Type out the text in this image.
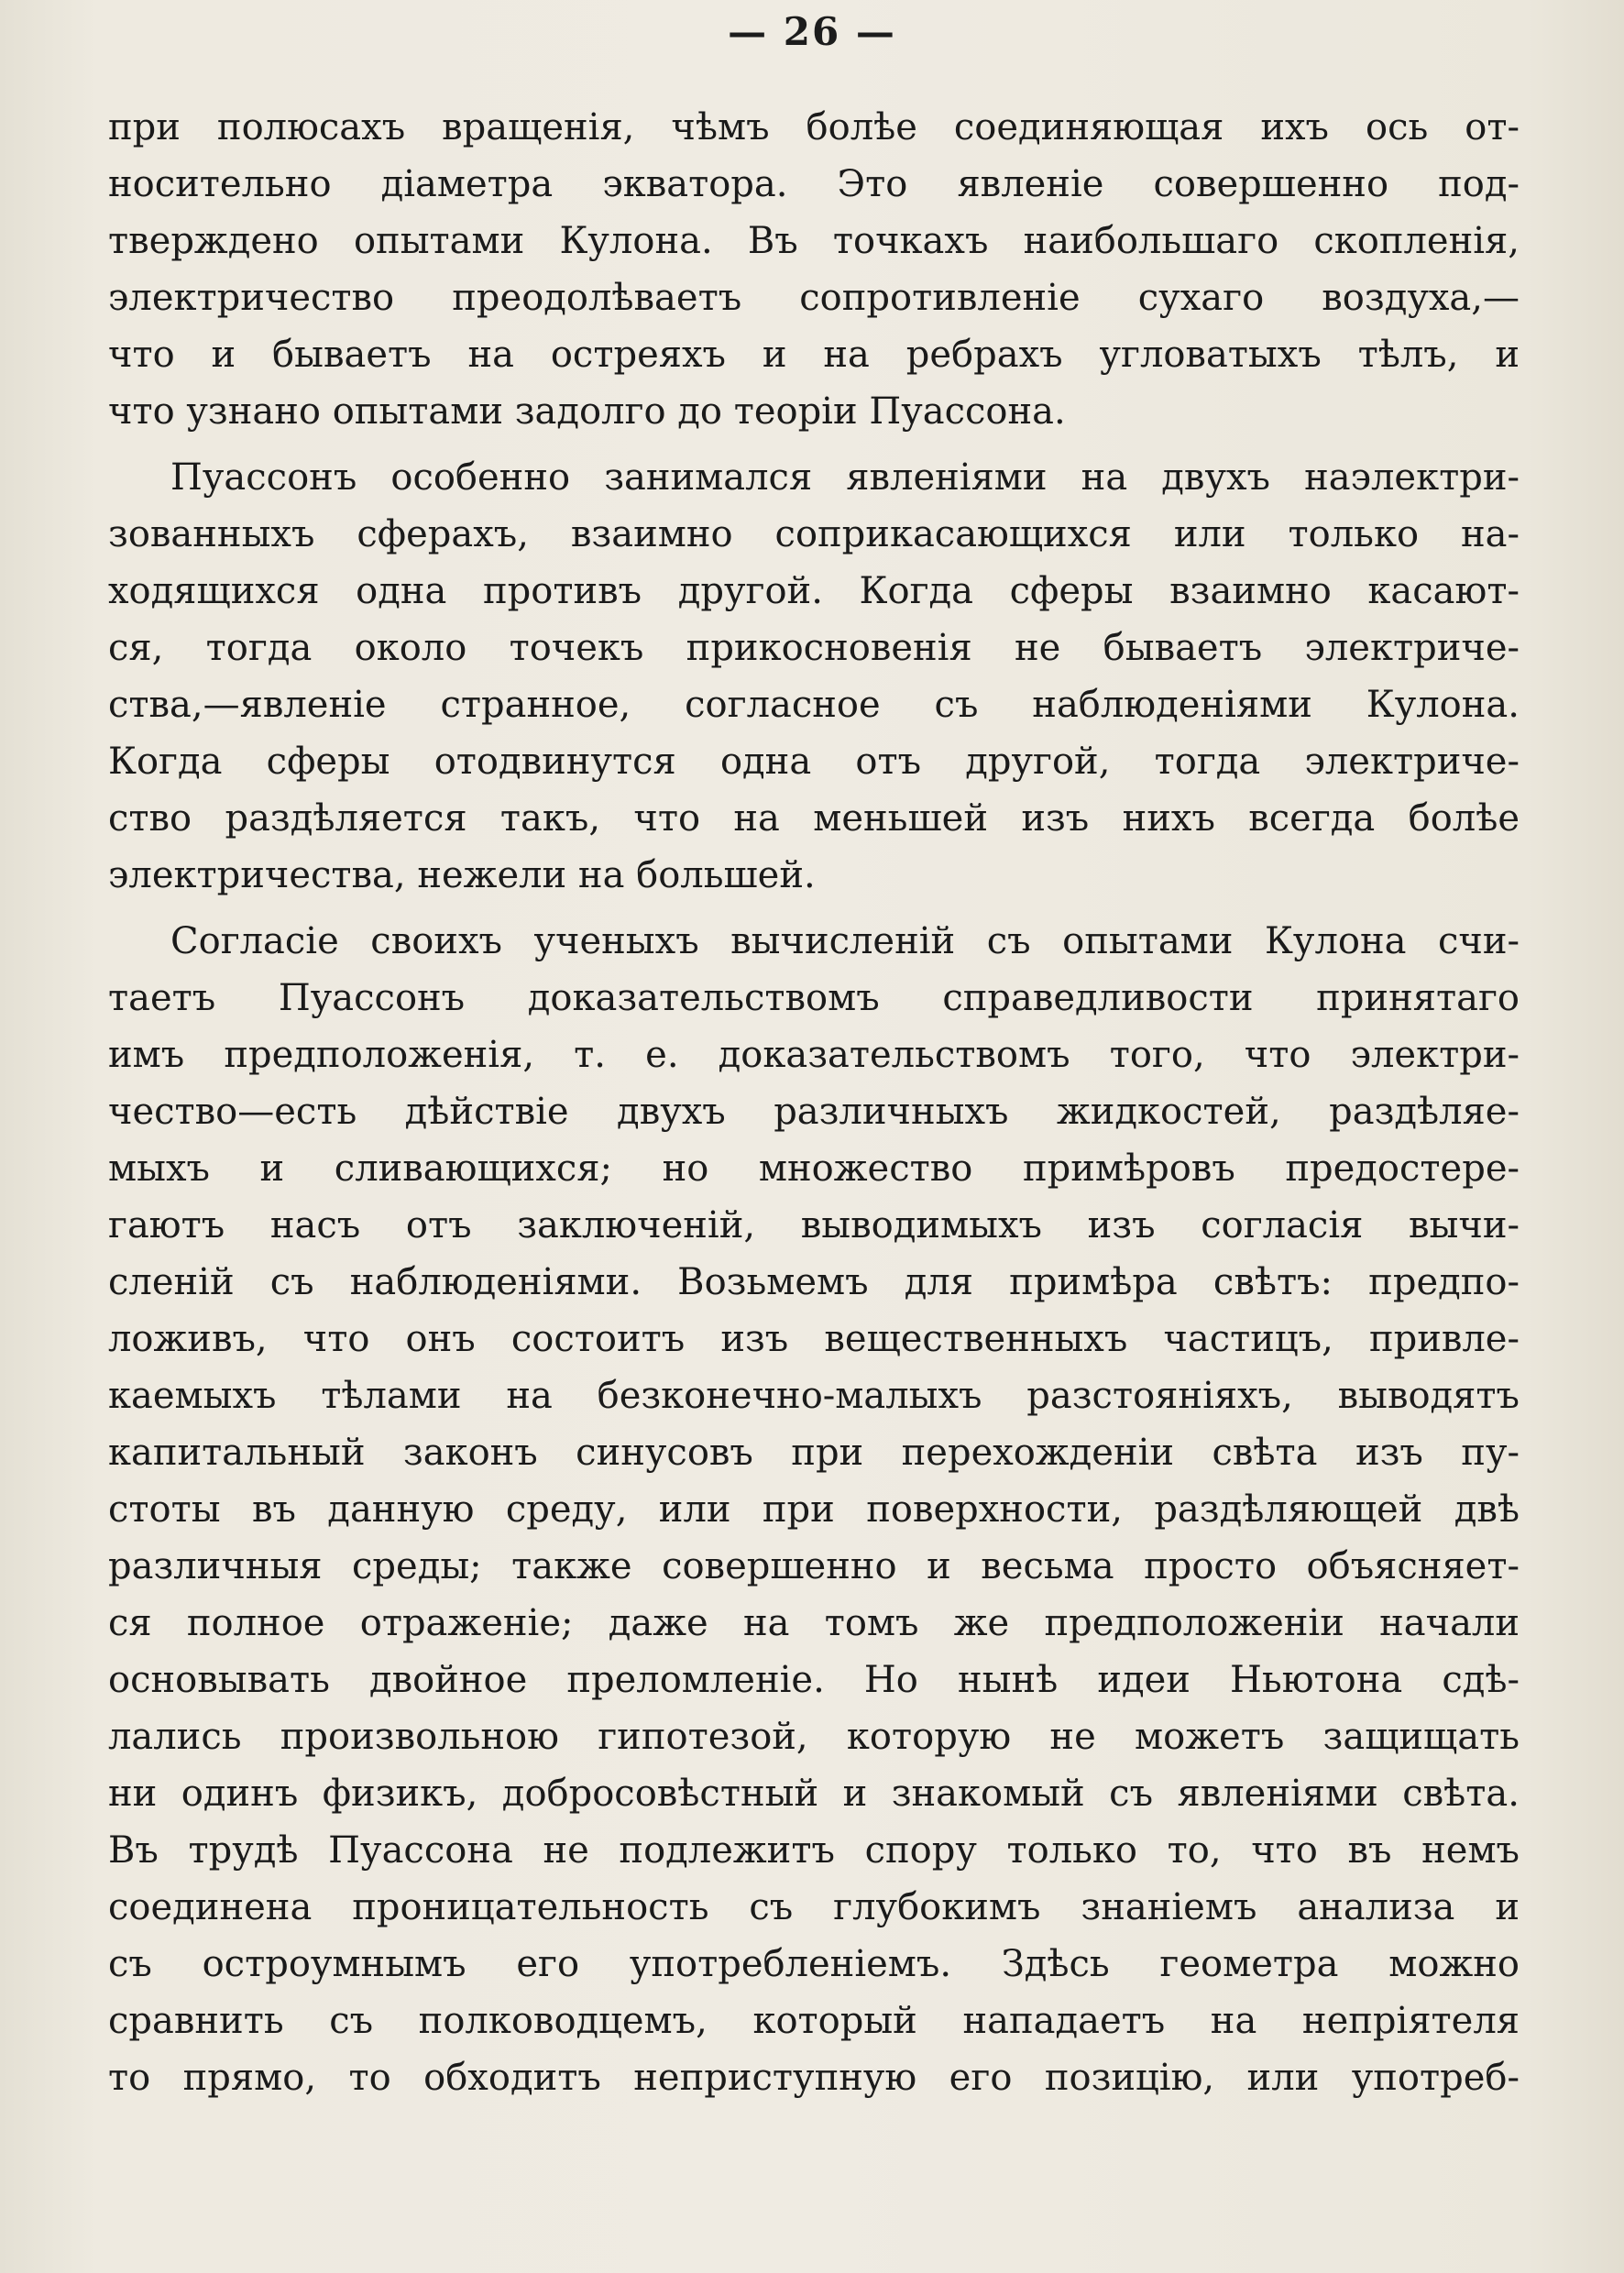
— 26 —
при полюсахъ вращенія, чѣмъ болѣе соединяющая ихъ ось от-
носительно діаметра экватора. Это явленіе совершенно под-
тверждено опытами Кулона. Въ точкахъ наибольшаго скопленія,
электричество преодолѣваетъ сопротивленіе сухаго воздуха,—
что и бываетъ на остреяхъ и на ребрахъ угловатыхъ тѣлъ, и
что узнано опытами задолго до теоріи Пуассона.
Пуассонъ особенно занимался явленіями на двухъ наэлектри-
зованныхъ сферахъ, взаимно соприкасающихся или только на-
ходящихся одна противъ другой. Когда сферы взаимно касают-
ся, тогда около точекъ прикосновенія не бываетъ электриче-
ства,—явленіе странное, согласное съ наблюденіями Кулона.
Когда сферы отодвинутся одна отъ другой, тогда электриче-
ство раздѣляется такъ, что на меньшей изъ нихъ всегда болѣе
электричества, нежели на большей.
Согласіе своихъ ученыхъ вычисленій съ опытами Кулона счи-
таетъ Пуассонъ доказательствомъ справедливости принятаго
имъ предположенія, т. е. доказательствомъ того, что электри-
чество—есть дѣйствіе двухъ различныхъ жидкостей, раздѣляе-
мыхъ и сливающихся; но множество примѣровъ предостере-
гаютъ насъ отъ заключеній, выводимыхъ изъ согласія вычи-
сленій съ наблюденіями. Возьмемъ для примѣра свѣтъ: предпо-
ложивъ, что онъ состоитъ изъ вещественныхъ частицъ, привле-
каемыхъ тѣлами на безконечно-малыхъ разстояніяхъ, выводятъ
капитальный законъ синусовъ при перехожденіи свѣта изъ пу-
стоты въ данную среду, или при поверхности, раздѣляющей двѣ
различныя среды; также совершенно и весьма просто объясняет-
ся полное отраженіе; даже на томъ же предположеніи начали
основывать двойное преломленіе. Но нынѣ идеи Ньютона сдѣ-
лались произвольною гипотезой, которую не можетъ защищать
ни одинъ физикъ, добросовѣстный и знакомый съ явленіями свѣта.
Въ трудѣ Пуассона не подлежитъ спору только то, что въ немъ
соединена проницательность съ глубокимъ знаніемъ анализа и
съ остроумнымъ его употребленіемъ. Здѣсь геометра можно
сравнить съ полководцемъ, который нападаетъ на непріятеля
то прямо, то обходитъ неприступную его позицію, или употреб-
